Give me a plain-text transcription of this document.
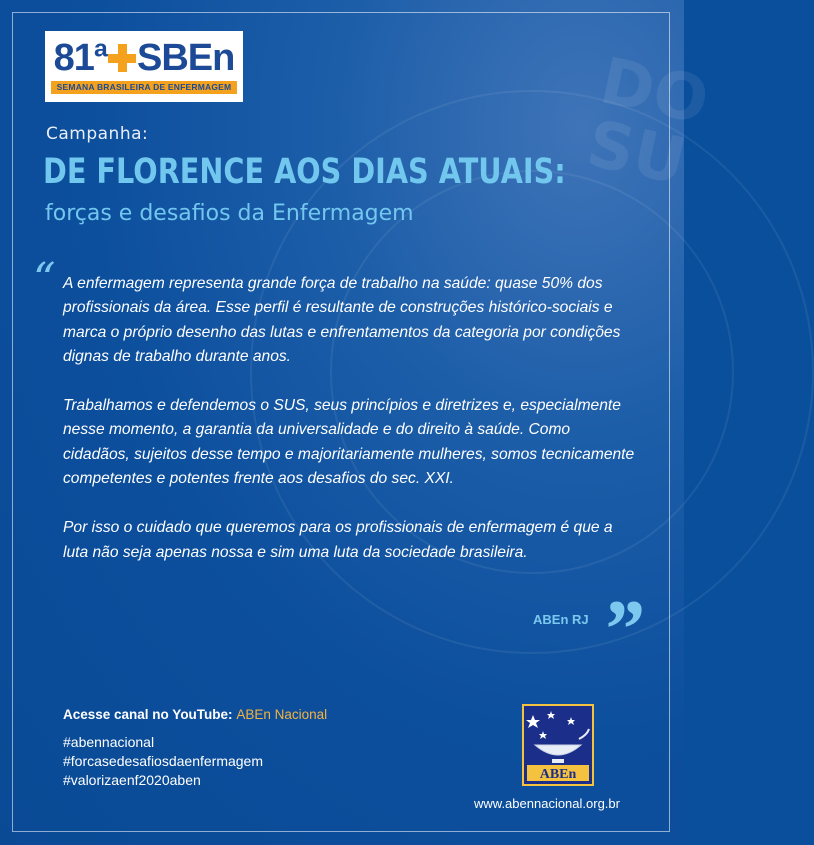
DO SU
81ª SBEn
SEMANA BRASILEIRA DE ENFERMAGEM
Campanha:
DE FLORENCE AOS DIAS ATUAIS:
forças e desafios da Enfermagem
“ A enfermagem representa grande força de trabalho na saúde: quase 50% dos profissionais da área. Esse perfil é resultante de construções histórico-sociais e marca o próprio desenho das lutas e enfrentamentos da categoria por condições dignas de trabalho durante anos.

Trabalhamos e defendemos o SUS, seus princípios e diretrizes e, especialmente nesse momento, a garantia da universalidade e do direito à saúde. Como cidadãos, sujeitos desse tempo e majoritariamente mulheres, somos tecnicamente competentes e potentes frente aos desafios do sec. XXI.

Por isso o cuidado que queremos para os profissionais de enfermagem é que a luta não seja apenas nossa e sim uma luta da sociedade brasileira.

ABEn RJ ”
Acesse canal no YouTube: ABEn Nacional
#abennacional
#forcasedesafiosdaenfermagem
#valorizaenf2020aben	ABEn
www.abennacional.org.br
